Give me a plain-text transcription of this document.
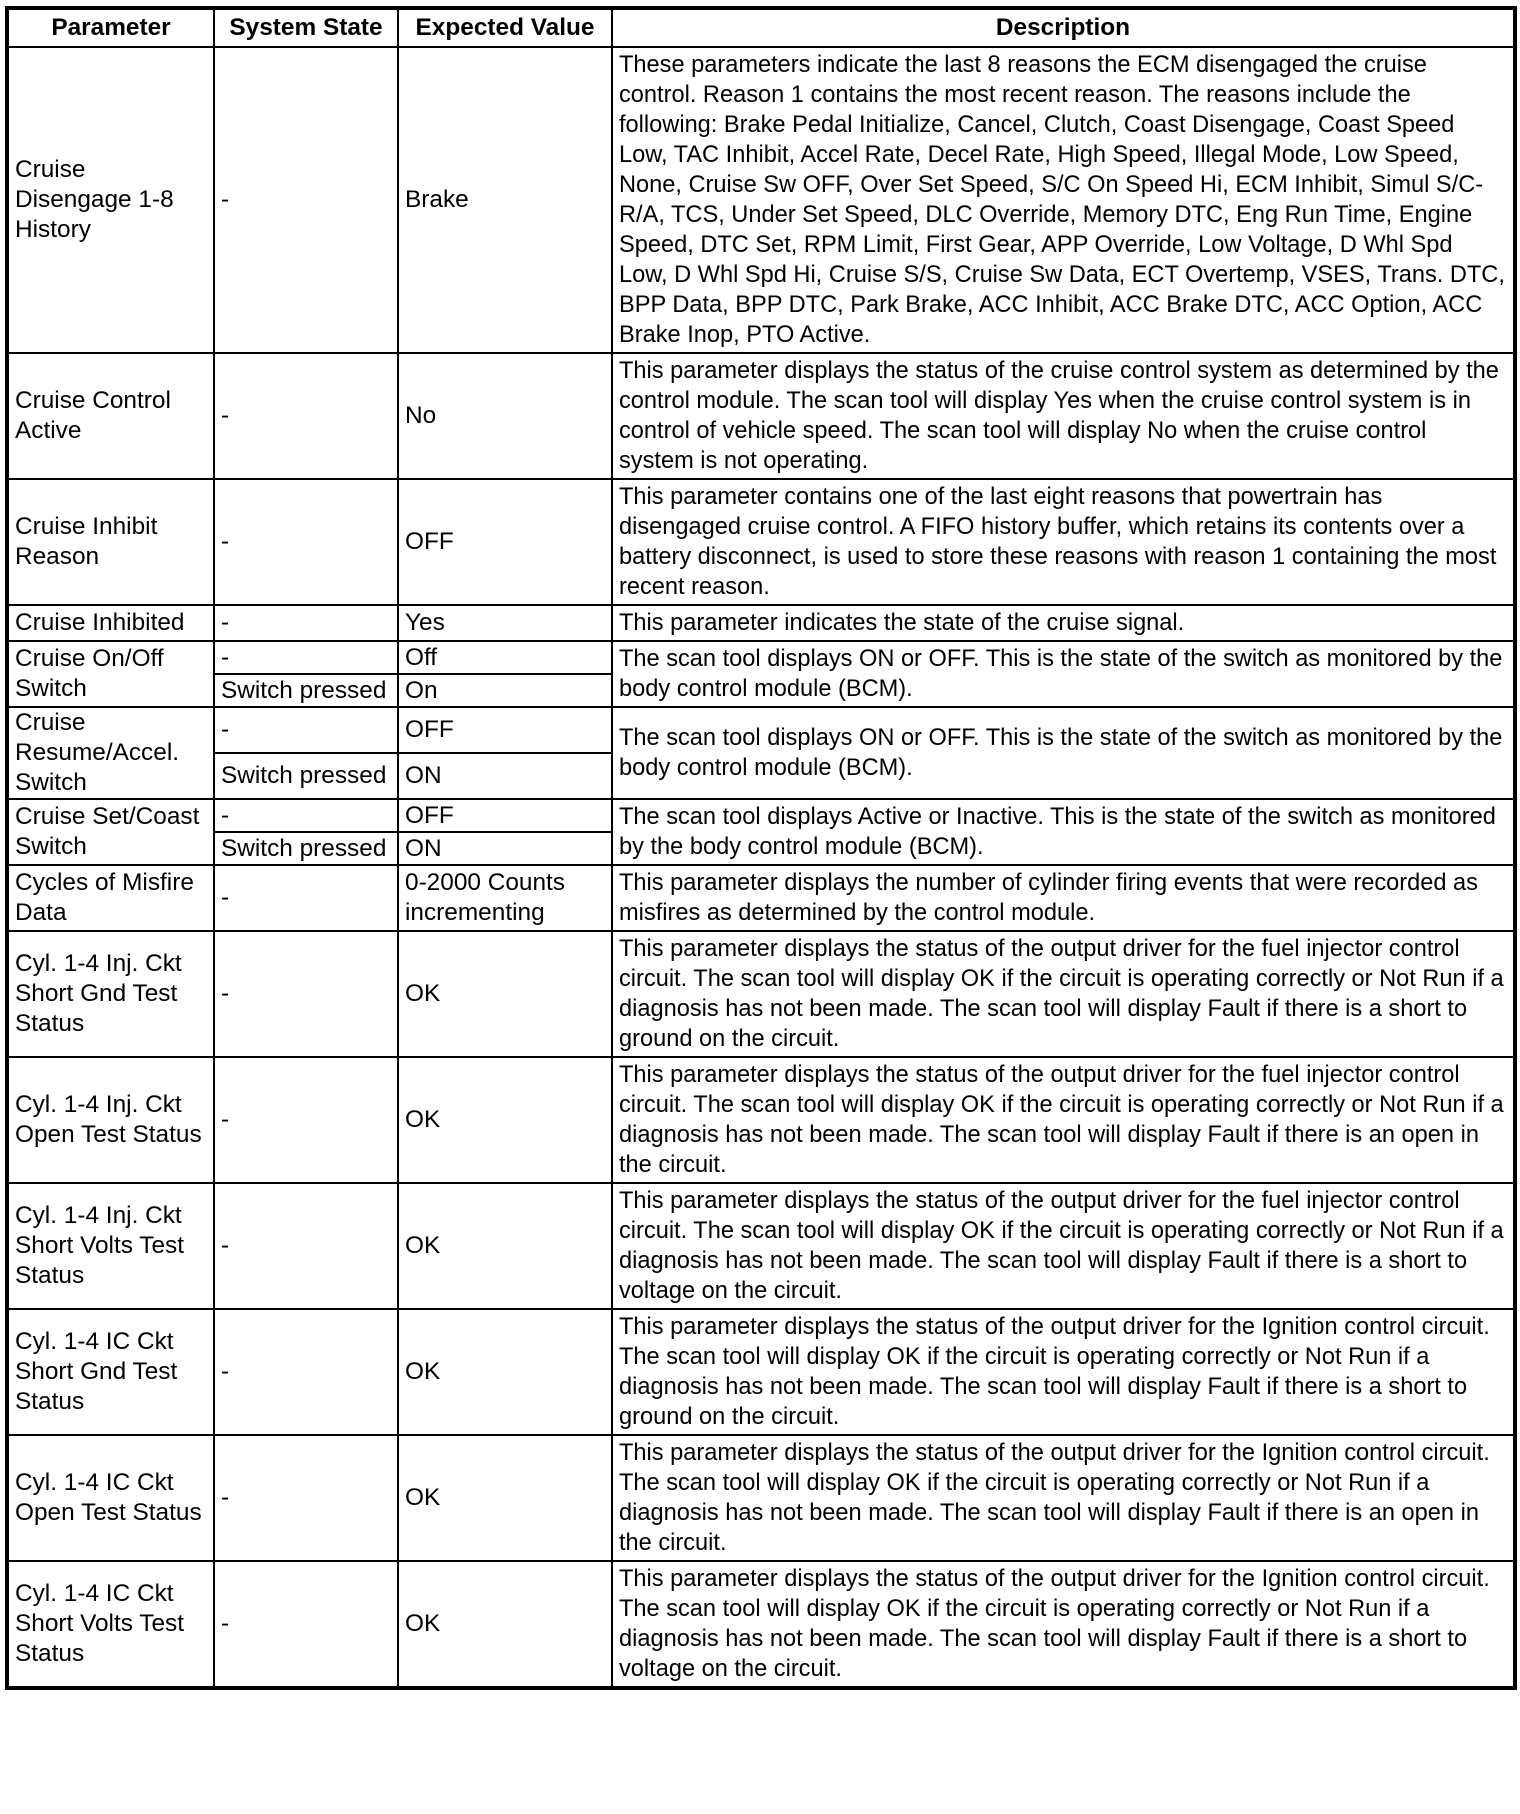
Parameter	System State	Expected Value	Description
Cruise Disengage 1-8 History	-	Brake	These parameters indicate the last 8 reasons the ECM disengaged the cruise control. Reason 1 contains the most recent reason. The reasons include the following: Brake Pedal Initialize, Cancel, Clutch, Coast Disengage, Coast Speed Low, TAC Inhibit, Accel Rate, Decel Rate, High Speed, Illegal Mode, Low Speed, None, Cruise Sw OFF, Over Set Speed, S/C On Speed Hi, ECM Inhibit, Simul S/C-R/A, TCS, Under Set Speed, DLC Override, Memory DTC, Eng Run Time, Engine Speed, DTC Set, RPM Limit, First Gear, APP Override, Low Voltage, D Whl Spd Low, D Whl Spd Hi, Cruise S/S, Cruise Sw Data, ECT Overtemp, VSES, Trans. DTC, BPP Data, BPP DTC, Park Brake, ACC Inhibit, ACC Brake DTC, ACC Option, ACC Brake Inop, PTO Active.
Cruise Control Active	-	No	This parameter displays the status of the cruise control system as determined by the control module. The scan tool will display Yes when the cruise control system is in control of vehicle speed. The scan tool will display No when the cruise control system is not operating.
Cruise Inhibit Reason	-	OFF	This parameter contains one of the last eight reasons that powertrain has disengaged cruise control. A FIFO history buffer, which retains its contents over a battery disconnect, is used to store these reasons with reason 1 containing the most recent reason.
Cruise Inhibited	-	Yes	This parameter indicates the state of the cruise signal.
Cruise On/Off Switch	-	Off	The scan tool displays ON or OFF. This is the state of the switch as monitored by the body control module (BCM).
	Switch pressed	On	
Cruise Resume/Accel. Switch	-	OFF	The scan tool displays ON or OFF. This is the state of the switch as monitored by the body control module (BCM).
	Switch pressed	ON	
Cruise Set/Coast Switch	-	OFF	The scan tool displays Active or Inactive. This is the state of the switch as monitored by the body control module (BCM).
	Switch pressed	ON	
Cycles of Misfire Data	-	0-2000 Counts incrementing	This parameter displays the number of cylinder firing events that were recorded as misfires as determined by the control module.
Cyl. 1-4 Inj. Ckt Short Gnd Test Status	-	OK	This parameter displays the status of the output driver for the fuel injector control circuit. The scan tool will display OK if the circuit is operating correctly or Not Run if a diagnosis has not been made. The scan tool will display Fault if there is a short to ground on the circuit.
Cyl. 1-4 Inj. Ckt Open Test Status	-	OK	This parameter displays the status of the output driver for the fuel injector control circuit. The scan tool will display OK if the circuit is operating correctly or Not Run if a diagnosis has not been made. The scan tool will display Fault if there is an open in the circuit.
Cyl. 1-4 Inj. Ckt Short Volts Test Status	-	OK	This parameter displays the status of the output driver for the fuel injector control circuit. The scan tool will display OK if the circuit is operating correctly or Not Run if a diagnosis has not been made. The scan tool will display Fault if there is a short to voltage on the circuit.
Cyl. 1-4 IC Ckt Short Gnd Test Status	-	OK	This parameter displays the status of the output driver for the Ignition control circuit. The scan tool will display OK if the circuit is operating correctly or Not Run if a diagnosis has not been made. The scan tool will display Fault if there is a short to ground on the circuit.
Cyl. 1-4 IC Ckt Open Test Status	-	OK	This parameter displays the status of the output driver for the Ignition control circuit. The scan tool will display OK if the circuit is operating correctly or Not Run if a diagnosis has not been made. The scan tool will display Fault if there is an open in the circuit.
Cyl. 1-4 IC Ckt Short Volts Test Status	-	OK	This parameter displays the status of the output driver for the Ignition control circuit. The scan tool will display OK if the circuit is operating correctly or Not Run if a diagnosis has not been made. The scan tool will display Fault if there is a short to voltage on the circuit.
